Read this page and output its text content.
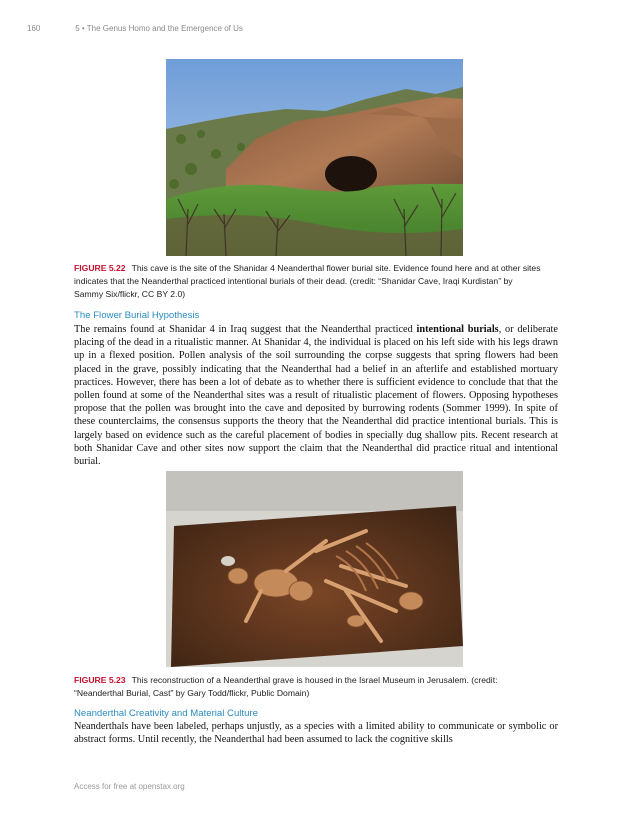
160	5 • The Genus Homo and the Emergence of Us
FIGURE 5.22 This cave is the site of the Shanidar 4 Neanderthal flower burial site. Evidence found here and at other sites indicates that the Neanderthal practiced intentional burials of their dead. (credit: “Shanidar Cave, Iraqi Kurdistan” by Sammy Six/flickr, CC BY 2.0)
The Flower Burial Hypothesis
The remains found at Shanidar 4 in Iraq suggest that the Neanderthal practiced intentional burials, or deliberate placing of the dead in a ritualistic manner. At Shanidar 4, the individual is placed on his left side with his legs drawn up in a flexed position. Pollen analysis of the soil surrounding the corpse suggests that spring flowers had been placed in the grave, possibly indicating that the Neanderthal had a belief in an afterlife and established mortuary practices. However, there has been a lot of debate as to whether there is sufficient evidence to conclude that that the pollen found at some of the Neanderthal sites was a result of ritualistic placement of flowers. Opposing hypotheses propose that the pollen was brought into the cave and deposited by burrowing rodents (Sommer 1999). In spite of these counterclaims, the consensus supports the theory that the Neanderthal did practice intentional burials. This is largely based on evidence such as the careful placement of bodies in specially dug shallow pits. Recent research at both Shanidar Cave and other sites now support the claim that the Neanderthal did practice ritual and intentional burial.
FIGURE 5.23 This reconstruction of a Neanderthal grave is housed in the Israel Museum in Jerusalem. (credit: “Neanderthal Burial, Cast” by Gary Todd/flickr, Public Domain)
Neanderthal Creativity and Material Culture
Neanderthals have been labeled, perhaps unjustly, as a species with a limited ability to communicate or symbolic or abstract forms. Until recently, the Neanderthal had been assumed to lack the cognitive skills
Access for free at openstax.org
